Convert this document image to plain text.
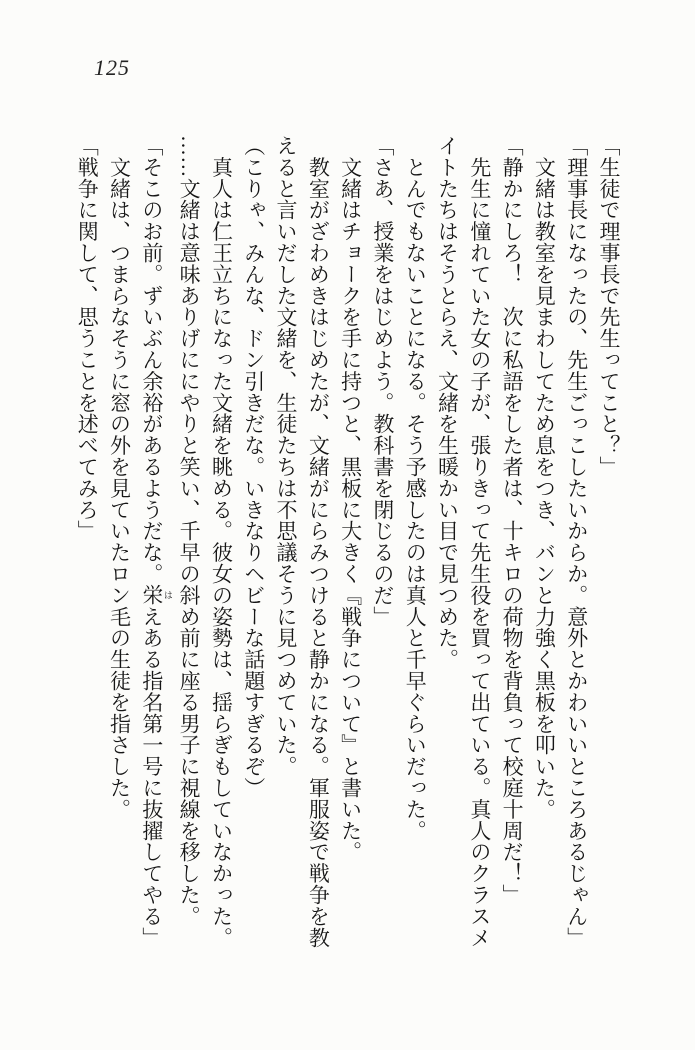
125

「生徒で理事長で先生ってこと？」

「理事長になったの、先生ごっこしたいからか。意外とかわいいところあるじゃん」

　文緒は教室を見まわしてため息をつき、バンと力強く黒板を叩いた。

「静かにしろ！　次に私語をした者は、十キロの荷物を背負って校庭十周だ！」

　先生に憧れていた女の子が、張りきって先生役を買って出ている。真人のクラスメ

イトたちはそうとらえ、文緒を生暖かい目で見つめた。

　とんでもないことになる。そう予感したのは真人と千早ぐらいだった。

「さあ、授業をはじめよう。教科書を閉じるのだ」

　文緒はチョークを手に持つと、黒板に大きく『戦争について』と書いた。

　教室がざわめきはじめたが、文緒がにらみつけると静かになる。軍服姿で戦争を教

えると言いだした文緒を、生徒たちは不思議そうに見つめていた。

（こりゃ、みんな、ドン引きだな。いきなりヘビーな話題すぎるぞ）

　真人は仁王立ちになった文緒を眺める。彼女の姿勢は、揺らぎもしていなかった。

……文緒は意味ありげににやりと笑い、千早の斜め前に座る男子に視線を移した。

「そこのお前。ずいぶん余裕があるようだな。栄 はえある指名第一号に抜擢してやる」

　文緒は、つまらなそうに窓の外を見ていたロン毛の生徒を指さした。

「戦争に関して、思うことを述べてみろ」
